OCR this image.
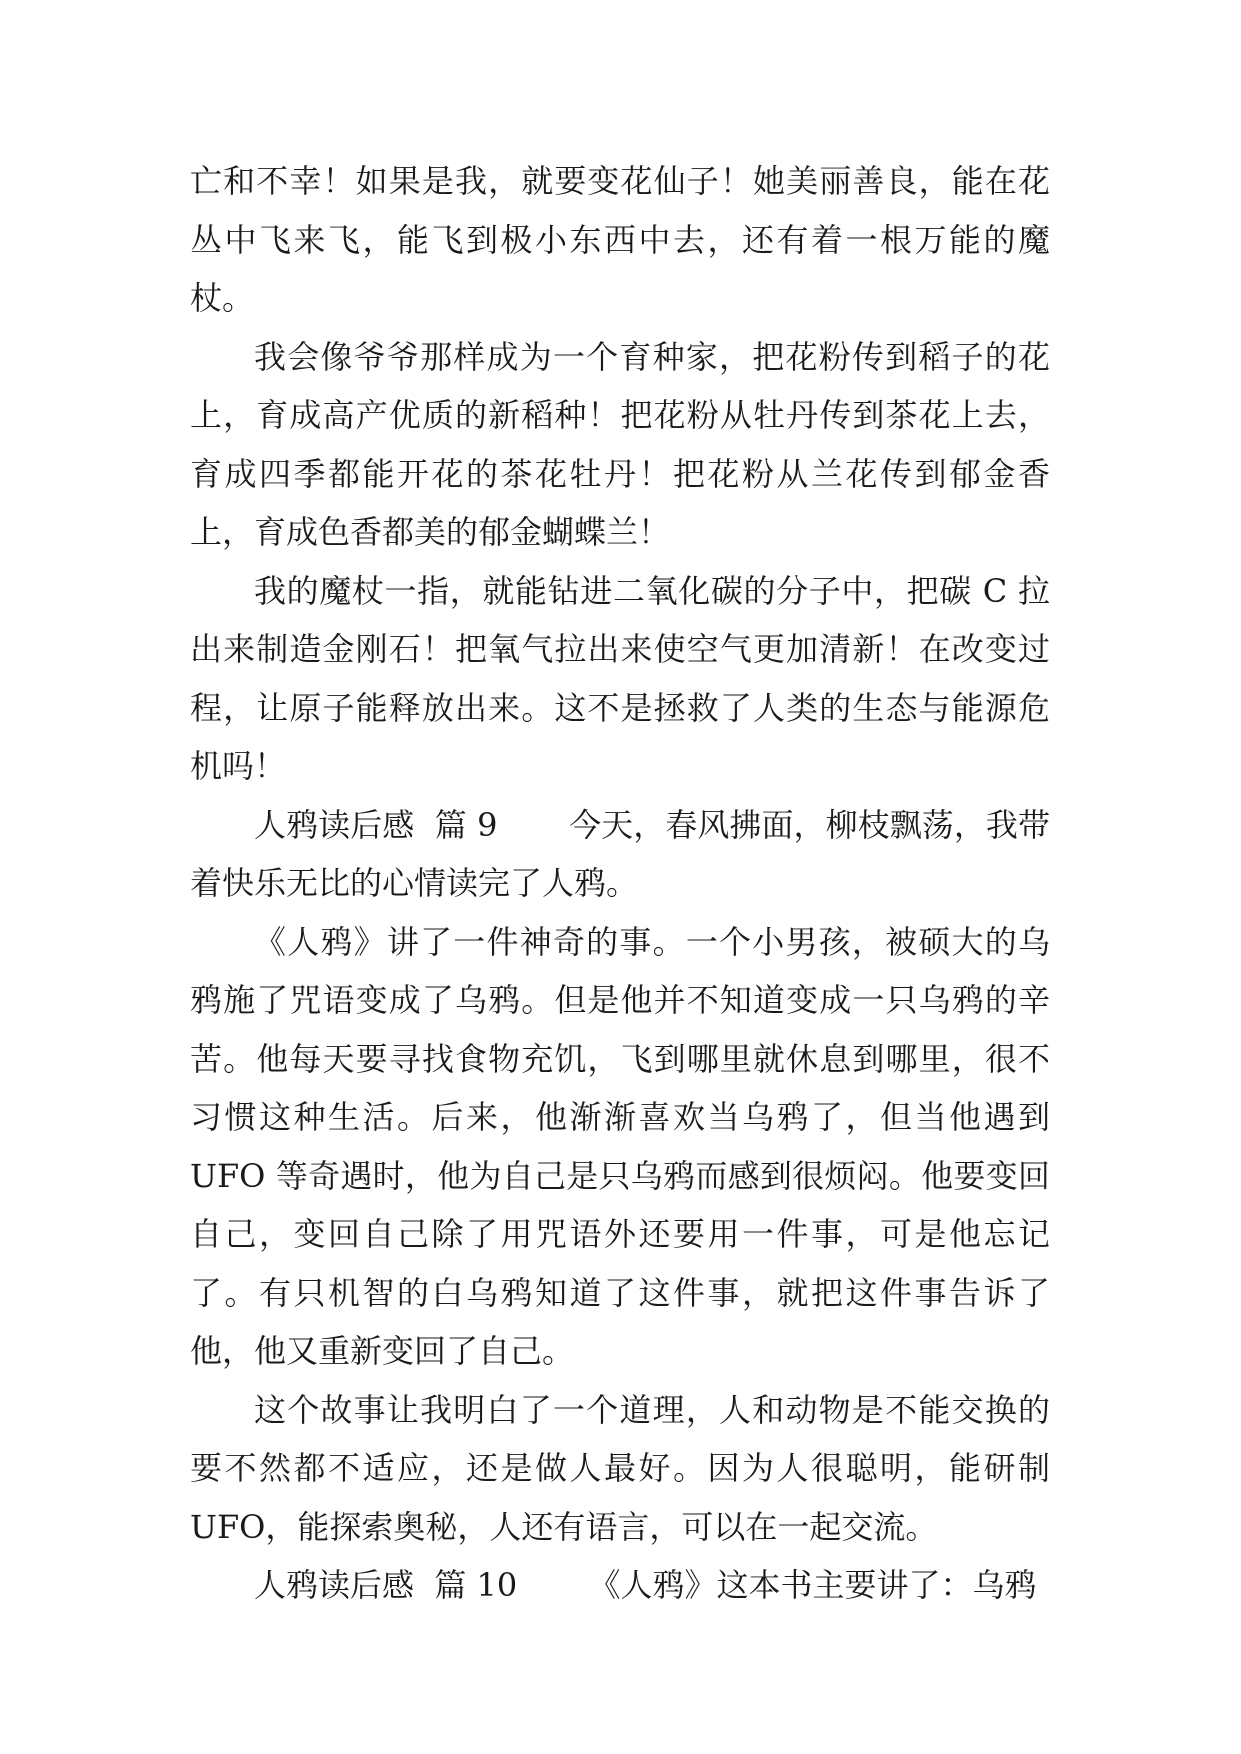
亡和不幸！如果是我，就要变花仙子！她美丽善良，能在花丛中飞来飞，能飞到极小东西中去，还有着一根万能的魔杖。

我会像爷爷那样成为一个育种家，把花粉传到稻子的花上，育成高产优质的新稻种！把花粉从牡丹传到茶花上去，育成四季都能开花的茶花牡丹！把花粉从兰花传到郁金香上，育成色香都美的郁金蝴蝶兰！

我的魔杖一指，就能钻进二氧化碳的分子中，把碳 C 拉出来制造金刚石！把氧气拉出来使空气更加清新！在改变过程，让原子能释放出来。这不是拯救了人类的生态与能源危机吗！

人鸦读后感  篇 9 今天，春风拂面，柳枝飘荡，我带着快乐无比的心情读完了人鸦。

《人鸦》讲了一件神奇的事。一个小男孩，被硕大的乌鸦施了咒语变成了乌鸦。但是他并不知道变成一只乌鸦的辛苦。他每天要寻找食物充饥，飞到哪里就休息到哪里，很不习惯这种生活。后来，他渐渐喜欢当乌鸦了，但当他遇到 UFO 等奇遇时，他为自己是只乌鸦而感到很烦闷。他要变回自己，变回自己除了用咒语外还要用一件事，可是他忘记了。有只机智的白乌鸦知道了这件事，就把这件事告诉了他，他又重新变回了自己。

这个故事让我明白了一个道理，人和动物是不能交换的要不然都不适应，还是做人最好。因为人很聪明，能研制 UFO，能探索奥秘，人还有语言，可以在一起交流。

人鸦读后感  篇 10 《人鸦》这本书主要讲了：乌鸦
